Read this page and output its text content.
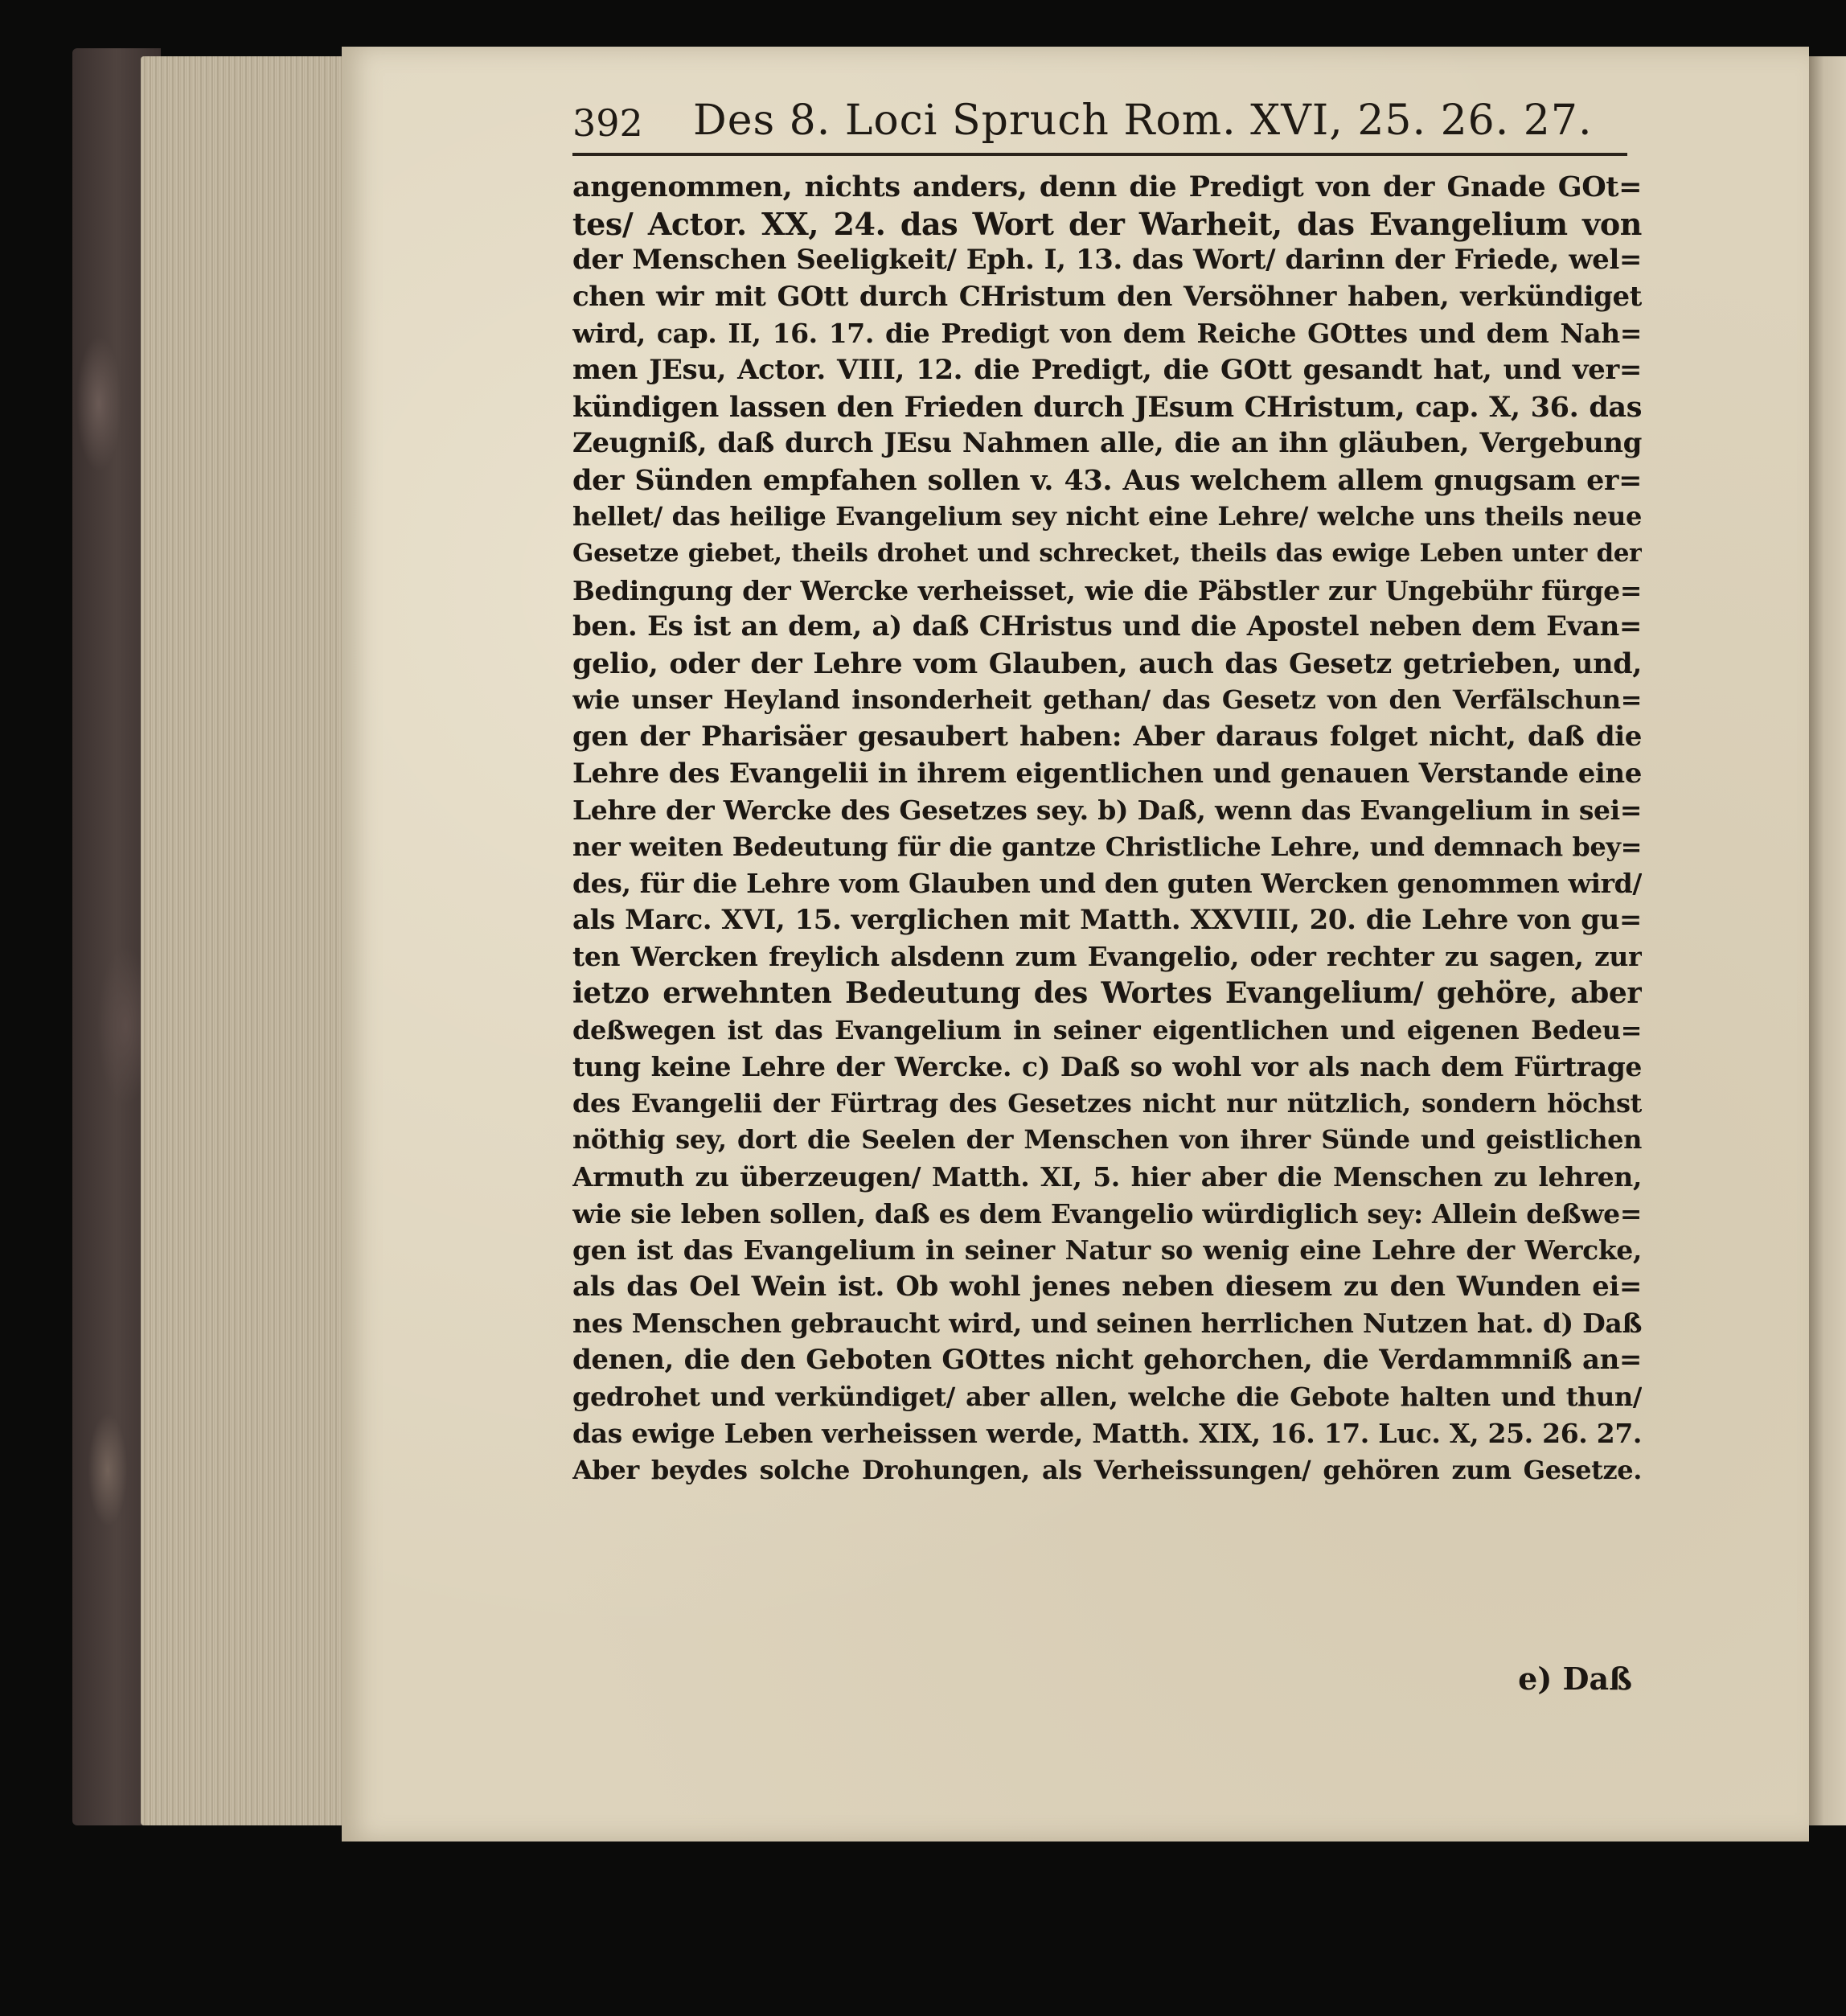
392 Des 8. Loci Spruch Rom. XVI, 25. 26. 27.
angenommen, nichts anders, denn die Predigt von der Gnade GOt=
tes/ Actor. XX, 24. das Wort der Warheit, das Evangelium von
der Menschen Seeligkeit/ Eph. I, 13. das Wort/ darinn der Friede, wel=
chen wir mit GOtt durch CHristum den Versöhner haben, verkündiget
wird, cap. II, 16. 17. die Predigt von dem Reiche GOttes und dem Nah=
men JEsu, Actor. VIII, 12. die Predigt, die GOtt gesandt hat, und ver=
kündigen lassen den Frieden durch JEsum CHristum, cap. X, 36. das
Zeugniß, daß durch JEsu Nahmen alle, die an ihn gläuben, Vergebung
der Sünden empfahen sollen v. 43. Aus welchem allem gnugsam er=
hellet/ das heilige Evangelium sey nicht eine Lehre/ welche uns theils neue
Gesetze giebet, theils drohet und schrecket, theils das ewige Leben unter der
Bedingung der Wercke verheisset, wie die Päbstler zur Ungebühr fürge=
ben. Es ist an dem, a) daß CHristus und die Apostel neben dem Evan=
gelio, oder der Lehre vom Glauben, auch das Gesetz getrieben, und,
wie unser Heyland insonderheit gethan/ das Gesetz von den Verfälschun=
gen der Pharisäer gesaubert haben: Aber daraus folget nicht, daß die
Lehre des Evangelii in ihrem eigentlichen und genauen Verstande eine
Lehre der Wercke des Gesetzes sey. b) Daß, wenn das Evangelium in sei=
ner weiten Bedeutung für die gantze Christliche Lehre, und demnach bey=
des, für die Lehre vom Glauben und den guten Wercken genommen wird/
als Marc. XVI, 15. verglichen mit Matth. XXVIII, 20. die Lehre von gu=
ten Wercken freylich alsdenn zum Evangelio, oder rechter zu sagen, zur
ietzo erwehnten Bedeutung des Wortes Evangelium/ gehöre, aber
deßwegen ist das Evangelium in seiner eigentlichen und eigenen Bedeu=
tung keine Lehre der Wercke. c) Daß so wohl vor als nach dem Fürtrage
des Evangelii der Fürtrag des Gesetzes nicht nur nützlich, sondern höchst
nöthig sey, dort die Seelen der Menschen von ihrer Sünde und geistlichen
Armuth zu überzeugen/ Matth. XI, 5. hier aber die Menschen zu lehren,
wie sie leben sollen, daß es dem Evangelio würdiglich sey: Allein deßwe=
gen ist das Evangelium in seiner Natur so wenig eine Lehre der Wercke,
als das Oel Wein ist. Ob wohl jenes neben diesem zu den Wunden ei=
nes Menschen gebraucht wird, und seinen herrlichen Nutzen hat. d) Daß
denen, die den Geboten GOttes nicht gehorchen, die Verdammniß an=
gedrohet und verkündiget/ aber allen, welche die Gebote halten und thun/
das ewige Leben verheissen werde, Matth. XIX, 16. 17. Luc. X, 25. 26. 27.
Aber beydes solche Drohungen, als Verheissungen/ gehören zum Gesetze.
e) Daß
